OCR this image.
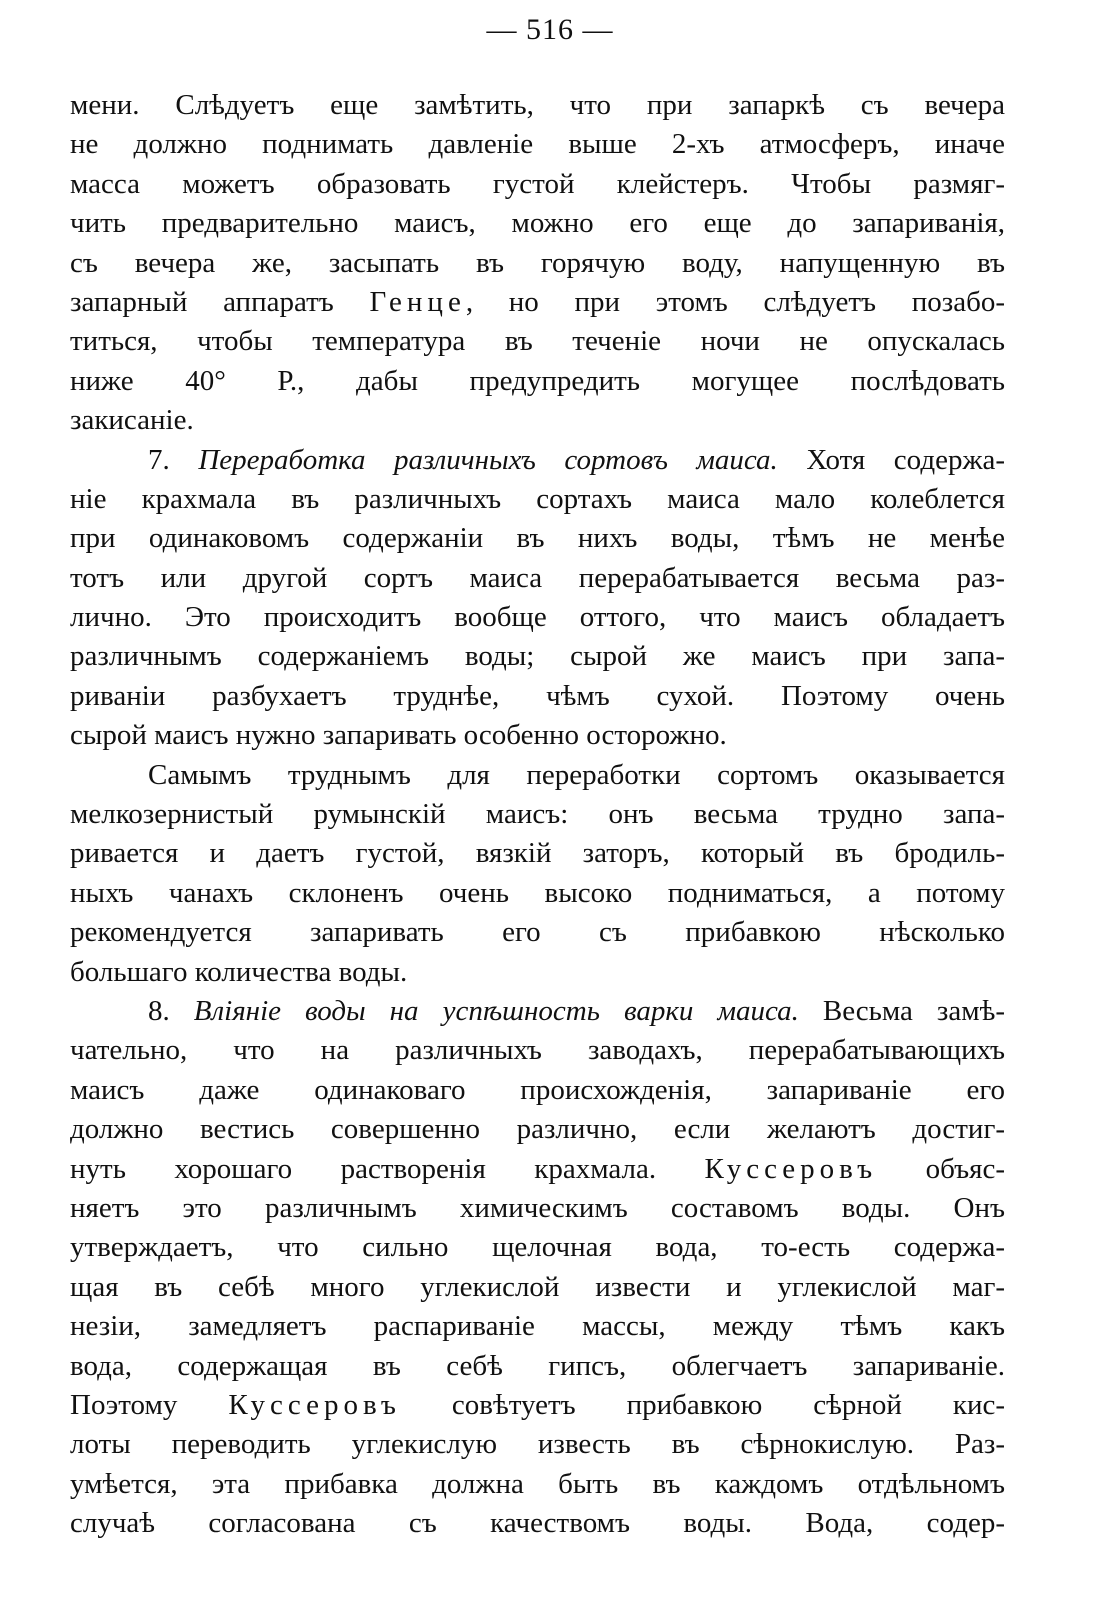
— 516 —
мени. Слѣдуетъ еще замѣтить, что при запаркѣ съ вечера
не должно поднимать давленіе выше 2-хъ атмосферъ, иначе
масса можетъ образовать густой клейстеръ. Чтобы размяг-
чить предварительно маисъ, можно его еще до запариванія,
съ вечера же, засыпать въ горячую воду, напущенную въ
запарный аппаратъ Генце, но при этомъ слѣдуетъ позабо-
титься, чтобы температура въ теченіе ночи не опускалась
ниже 40° Р., дабы предупредить могущее послѣдовать
закисаніе.
7. Переработка различныхъ сортовъ маиса. Хотя содержа-
ніе крахмала въ различныхъ сортахъ маиса мало колеблется
при одинаковомъ содержаніи въ нихъ воды, тѣмъ не менѣе
тотъ или другой сортъ маиса перерабатывается весьма раз-
лично. Это происходитъ вообще оттого, что маисъ обладаетъ
различнымъ содержаніемъ воды; сырой же маисъ при запа-
риваніи разбухаетъ труднѣе, чѣмъ сухой. Поэтому очень
сырой маисъ нужно запаривать особенно осторожно.
Самымъ труднымъ для переработки сортомъ оказывается
мелкозернистый румынскій маисъ: онъ весьма трудно запа-
ривается и даетъ густой, вязкій заторъ, который въ бродиль-
ныхъ чанахъ склоненъ очень высоко подниматься, а потому
рекомендуется запаривать его съ прибавкою нѣсколько
большаго количества воды.
8. Вліяніе воды на успѣшность варки маиса. Весьма замѣ-
чательно, что на различныхъ заводахъ, перерабатывающихъ
маисъ даже одинаковаго происхожденія, запариваніе его
должно вестись совершенно различно, если желаютъ достиг-
нуть хорошаго растворенія крахмала. Куссеровъ объяс-
няетъ это различнымъ химическимъ составомъ воды. Онъ
утверждаетъ, что сильно щелочная вода, то-есть содержа-
щая въ себѣ много углекислой извести и углекислой маг-
незіи, замедляетъ распариваніе массы, между тѣмъ какъ
вода, содержащая въ себѣ гипсъ, облегчаетъ запариваніе.
Поэтому Куссеровъ совѣтуетъ прибавкою сѣрной кис-
лоты переводить углекислую известь въ сѣрнокислую. Раз-
умѣется, эта прибавка должна быть въ каждомъ отдѣльномъ
случаѣ согласована съ качествомъ воды. Вода, содер-
